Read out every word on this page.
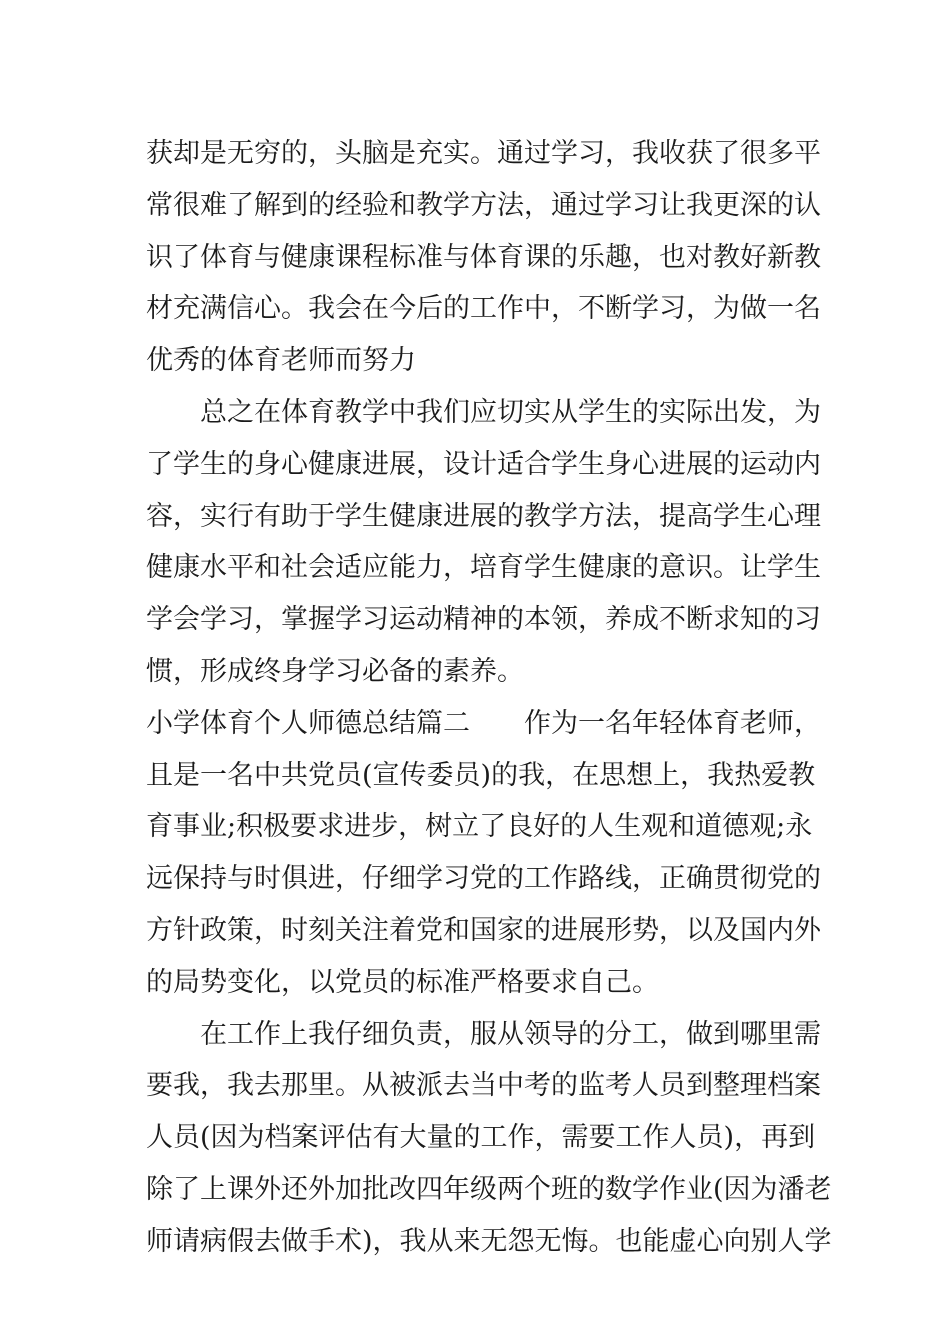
获却是无穷的，头脑是充实。通过学习，我收获了很多平
常很难了解到的经验和教学方法，通过学习让我更深的认
识了体育与健康课程标准与体育课的乐趣，也对教好新教
材充满信心。我会在今后的工作中，不断学习，为做一名
优秀的体育老师而努力
总之在体育教学中我们应切实从学生的实际出发，为
了学生的身心健康进展，设计适合学生身心进展的运动内
容，实行有助于学生健康进展的教学方法，提高学生心理
健康水平和社会适应能力，培育学生健康的意识。让学生
学会学习，掌握学习运动精神的本领，养成不断求知的习
惯，形成终身学习必备的素养。
小学体育个人师德总结篇二　　作为一名年轻体育老师，
且是一名中共党员(宣传委员)的我，在思想上，我热爱教
育事业;积极要求进步，树立了良好的人生观和道德观;永
远保持与时俱进，仔细学习党的工作路线，正确贯彻党的
方针政策，时刻关注着党和国家的进展形势，以及国内外
的局势变化，以党员的标准严格要求自己。
在工作上我仔细负责，服从领导的分工，做到哪里需
要我，我去那里。从被派去当中考的监考人员到整理档案
人员(因为档案评估有大量的工作，需要工作人员)，再到
除了上课外还外加批改四年级两个班的数学作业(因为潘老
师请病假去做手术)，我从来无怨无悔。也能虚心向别人学
